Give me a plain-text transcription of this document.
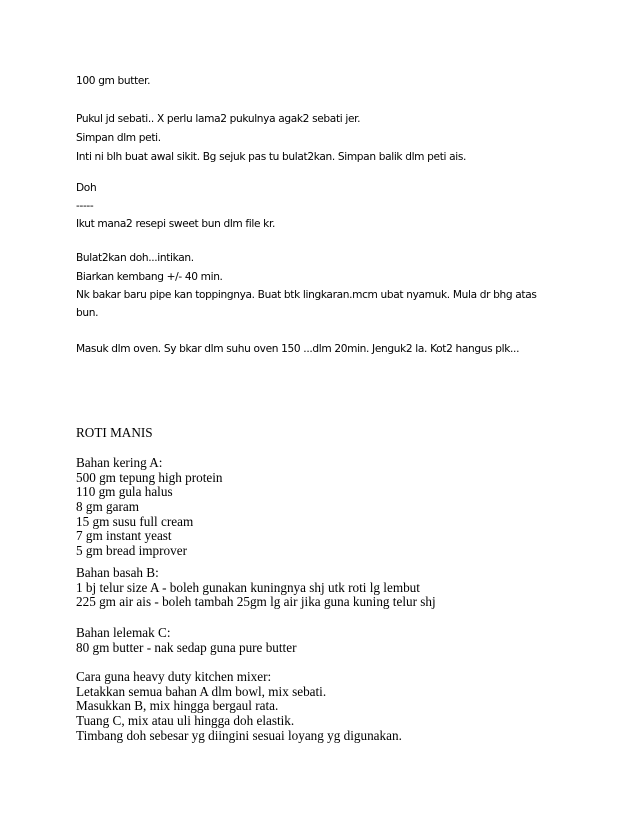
100 gm butter.
Pukul jd sebati.. X perlu lama2 pukulnya agak2 sebati jer.
Simpan dlm peti.
Inti ni blh buat awal sikit. Bg sejuk pas tu bulat2kan. Simpan balik dlm peti ais.
Doh
-----
Ikut mana2 resepi sweet bun dlm file kr.
Bulat2kan doh...intikan.
Biarkan kembang +/- 40 min.
Nk bakar baru pipe kan toppingnya. Buat btk lingkaran.mcm ubat nyamuk. Mula dr bhg atas
bun.
Masuk dlm oven. Sy bkar dlm suhu oven 150 ...dlm 20min. Jenguk2 la. Kot2 hangus plk...
ROTI MANIS
Bahan kering A:
500 gm tepung high protein
110 gm gula halus
8 gm garam
15 gm susu full cream
7 gm instant yeast
5 gm bread improver
Bahan basah B:
1 bj telur size A - boleh gunakan kuningnya shj utk roti lg lembut
225 gm air ais - boleh tambah 25gm lg air jika guna kuning telur shj
Bahan lelemak C:
80 gm butter - nak sedap guna pure butter
Cara guna heavy duty kitchen mixer:
Letakkan semua bahan A dlm bowl, mix sebati.
Masukkan B, mix hingga bergaul rata.
Tuang C, mix atau uli hingga doh elastik.
Timbang doh sebesar yg diingini sesuai loyang yg digunakan.
